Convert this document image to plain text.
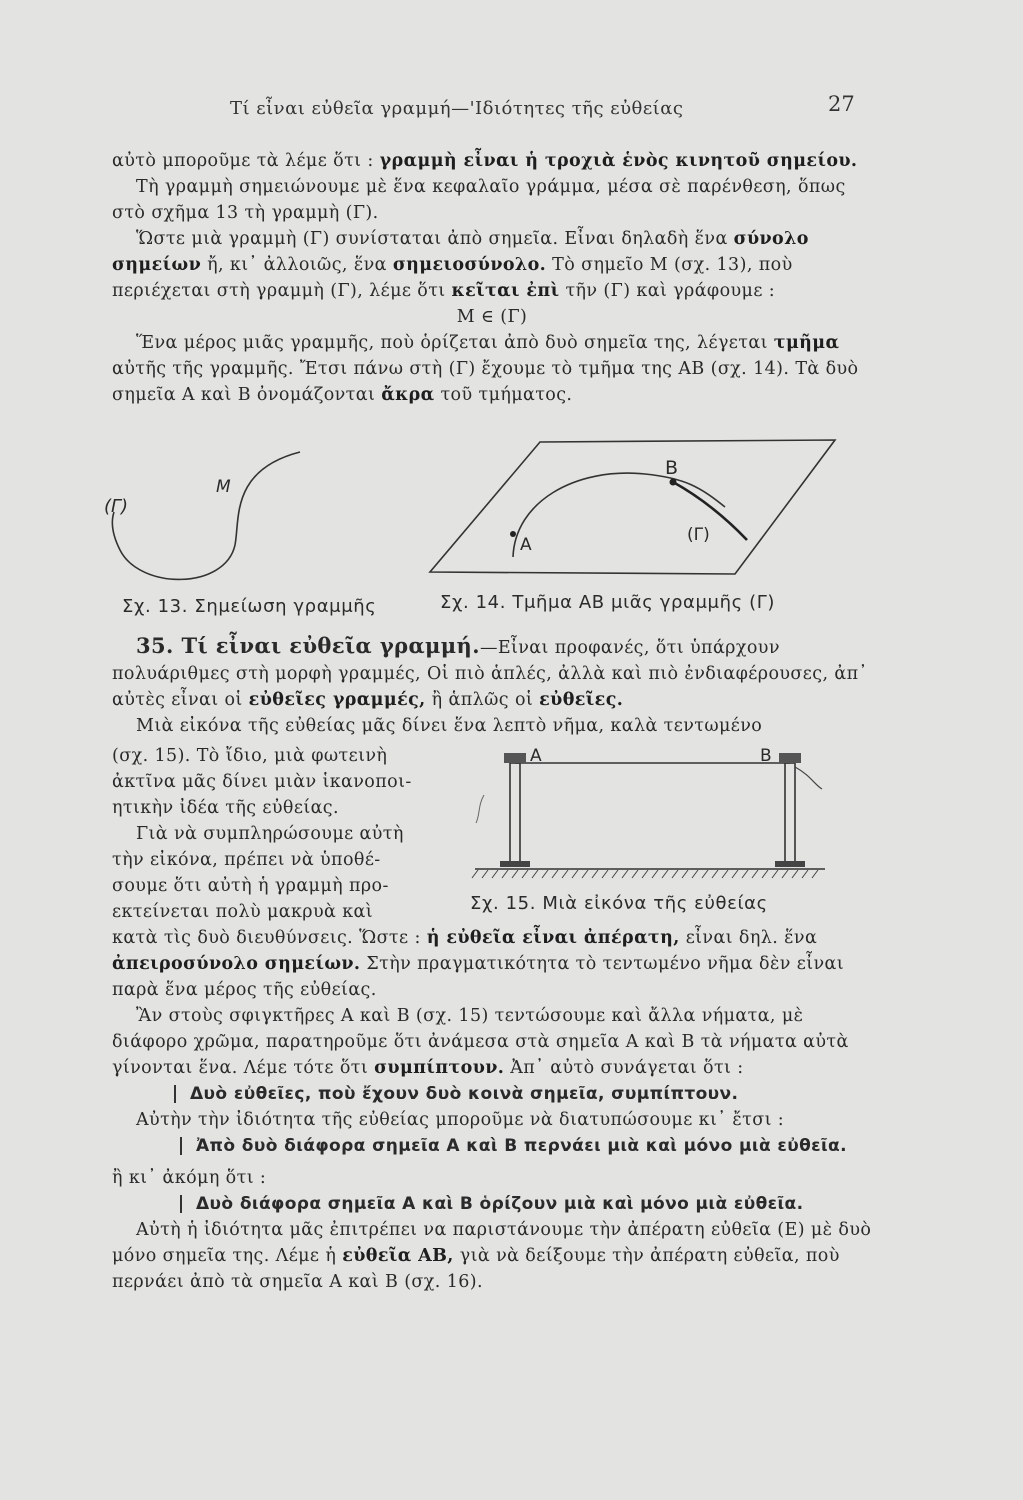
Τί εἶναι εὐθεῖα γραμμή—'Ιδιότητες τῆς εὐθείας	27

αὐτὸ μποροῦμε τὰ λέμε ὅτι : γραμμὴ εἶναι ἡ τροχιὰ ἑνὸς κινητοῦ σημείου.

Τὴ γραμμὴ σημειώνουμε μὲ ἕνα κεφαλαῖο γράμμα, μέσα σὲ παρένθεση, ὅπως στὸ σχῆμα 13 τὴ γραμμὴ (Γ).

Ὥστε μιὰ γραμμὴ (Γ) συνίσταται ἀπὸ σημεῖα. Εἶναι δηλαδὴ ἕνα σύνολο σημείων ἤ, κι᾽ ἀλλοιῶς, ἕνα σημειοσύνολο. Τὸ σημεῖο Μ (σχ. 13), ποὺ περιέχεται στὴ γραμμὴ (Γ), λέμε ὅτι κεῖται ἐπὶ τῆν (Γ) καὶ γράφουμε :

Μ ∈ (Γ)

Ἕνα μέρος μιᾶς γραμμῆς, ποὺ ὁρίζεται ἀπὸ δυὸ σημεῖα της, λέγεται τμῆμα αὐτῆς τῆς γραμμῆς. Ἔτσι πάνω στὴ (Γ) ἔχουμε τὸ τμῆμα της ΑΒ (σχ. 14). Τὰ δυὸ σημεῖα Α καὶ Β ὀνομάζονται ἄκρα τοῦ τμήματος.

(Γ)
Μ
Σχ. 13. Σημείωση γραμμῆς
Α
Β
(Γ)
Σχ. 14. Τμῆμα ΑΒ μιᾶς γραμμῆς (Γ)

35. Τί εἶναι εὐθεῖα γραμμή.—Εἶναι προφανές, ὅτι ὑπάρχουν πολυάριθμες στὴ μορφὴ γραμμές, Οἱ πιὸ ἁπλές, ἀλλὰ καὶ πιὸ ἐνδιαφέρουσες, ἀπ᾽ αὐτὲς εἶναι οἱ εὐθεῖες γραμμές, ἢ ἁπλῶς οἱ εὐθεῖες.

Μιὰ εἰκόνα τῆς εὐθείας μᾶς δίνει ἕνα λεπτὸ νῆμα, καλὰ τεντωμένο

(σχ. 15). Τὸ ἴδιο, μιὰ φωτεινὴ

ἀκτῖνα μᾶς δίνει μιὰν ἱκανοποι-

ητικὴν ἰδέα τῆς εὐθείας.

Γιὰ νὰ συμπληρώσουμε αὐτὴ

τὴν εἰκόνα, πρέπει νὰ ὑποθέ-

σουμε ὅτι αὐτὴ ἡ γραμμὴ προ-

εκτείνεται πολὺ μακρυὰ καὶ

Α	Β
Σχ. 15. Μιὰ εἰκόνα τῆς εὐθείας

κατὰ τὶς δυὸ διευθύνσεις. Ὥστε : ἡ εὐθεῖα εἶναι ἀπέρατη, εἶναι δηλ. ἕνα ἀπειροσύνολο σημείων. Στὴν πραγματικότητα τὸ τεντωμένο νῆμα δὲν εἶναι παρὰ ἕνα μέρος τῆς εὐθείας.

Ἂν στοὺς σφιγκτῆρες Α καὶ Β (σχ. 15) τεντώσουμε καὶ ἄλλα νήματα, μὲ διάφορο χρῶμα, παρατηροῦμε ὅτι ἀνάμεσα στὰ σημεῖα Α καὶ Β τὰ νήματα αὐτὰ γίνονται ἕνα. Λέμε τότε ὅτι συμπίπτουν. Ἀπ᾽ αὐτὸ συνάγεται ὅτι :

Δυὸ εὐθεῖες, ποὺ ἔχουν δυὸ κοινὰ σημεῖα, συμπίπτουν.

Αὐτὴν τὴν ἰδιότητα τῆς εὐθείας μποροῦμε νὰ διατυπώσουμε κι᾽ ἔτσι :

Ἀπὸ δυὸ διάφορα σημεῖα Α καὶ Β περνάει μιὰ καὶ μόνο μιὰ εὐθεῖα.

ἢ κι᾽ ἀκόμη ὅτι :

Δυὸ διάφορα σημεῖα Α καὶ Β ὁρίζουν μιὰ καὶ μόνο μιὰ εὐθεῖα.

Αὐτὴ ἡ ἰδιότητα μᾶς ἐπιτρέπει να παριστάνουμε τὴν ἀπέρατη εὐθεῖα (Ε) μὲ δυὸ μόνο σημεῖα της. Λέμε ἡ εὐθεῖα ΑΒ, γιὰ νὰ δείξουμε τὴν ἀπέρατη εὐθεῖα, ποὺ περνάει ἀπὸ τὰ σημεῖα Α καὶ Β (σχ. 16).
